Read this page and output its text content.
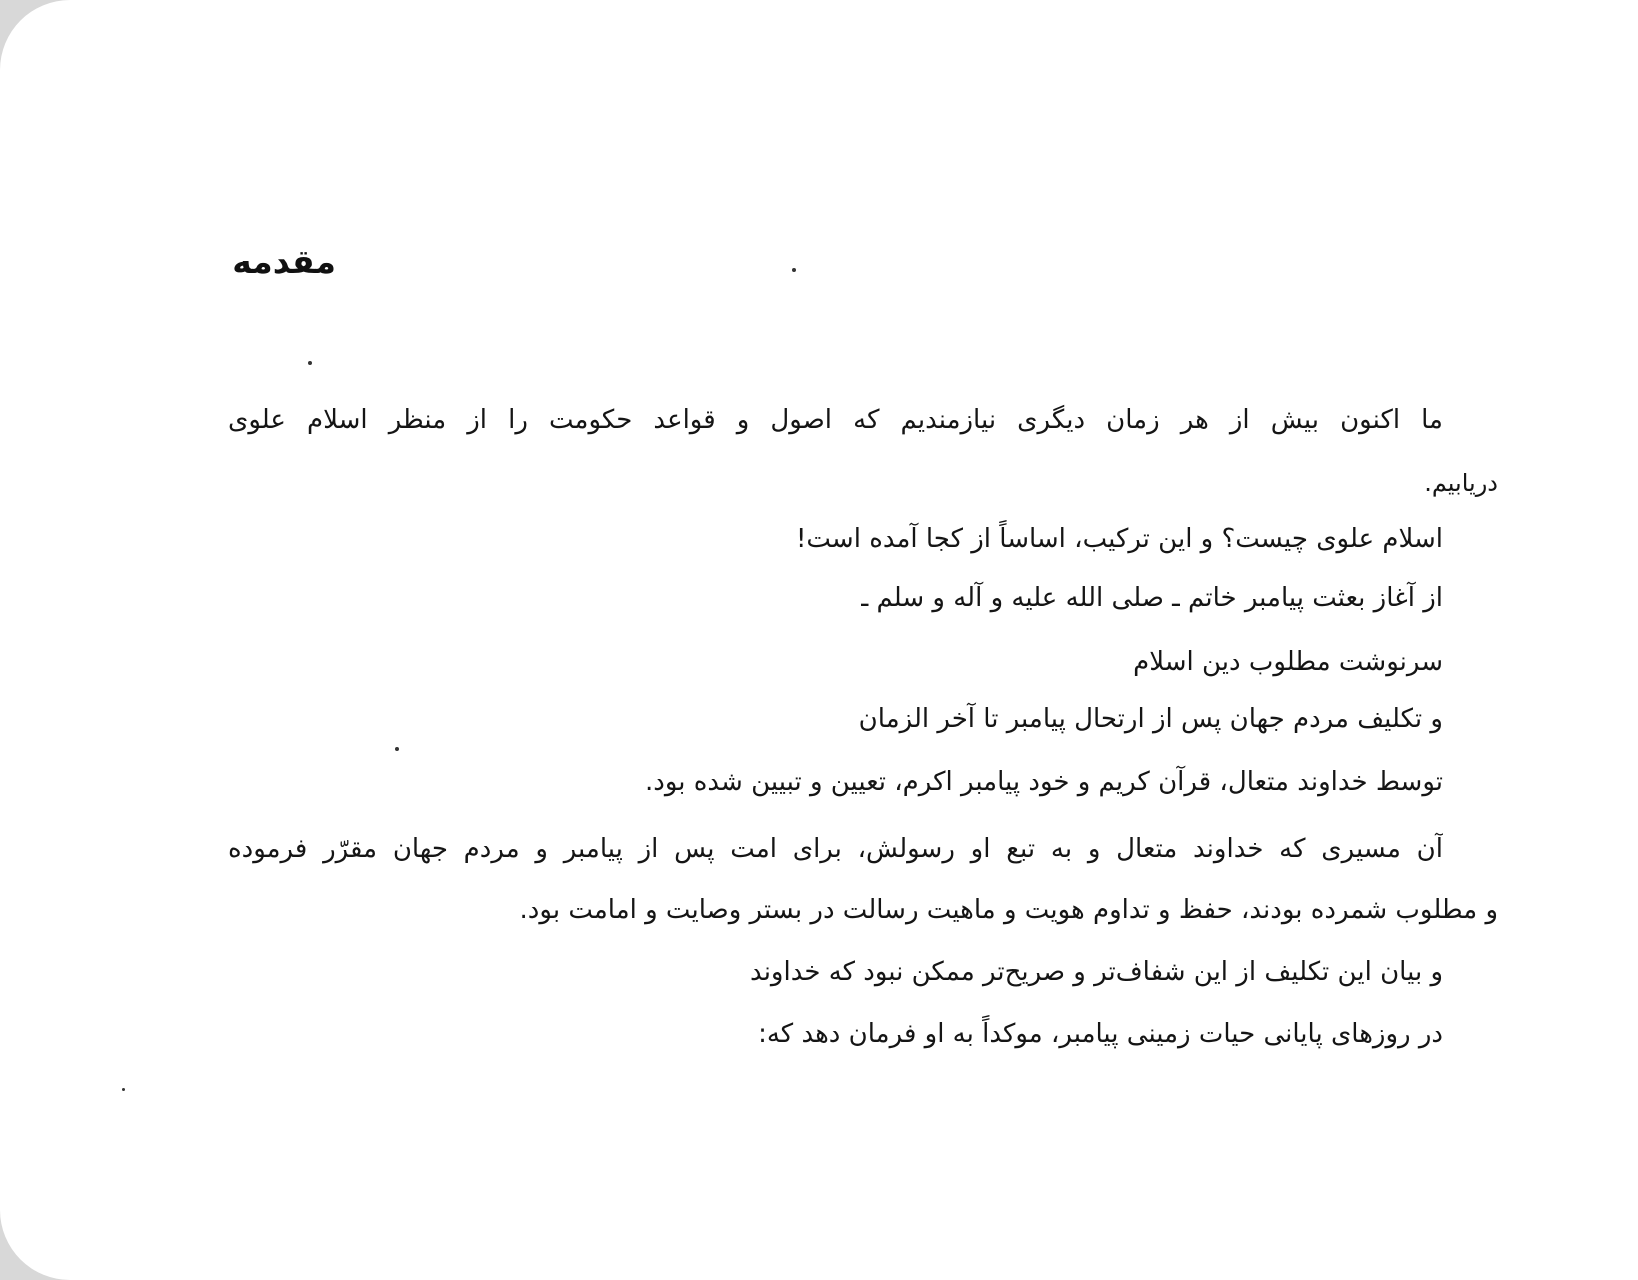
مقدمه

ما اکنون بیش از هر زمان دیگری نیازمندیم که اصول و قواعد حکومت را از منظر اسلام علوی

دریابیم.

اسلام علوی چیست؟ و این ترکیب، اساساً از کجا آمده است!

از آغاز بعثت پیامبر خاتم ـ صلی الله علیه و آله و سلم ـ

سرنوشت مطلوب دین اسلام

و تکلیف مردم جهان پس از ارتحال پیامبر تا آخر الزمان

توسط خداوند متعال، قرآن کریم و خود پیامبر اکرم، تعیین و تبیین شده بود.

آن مسیری که خداوند متعال و به تبع او رسولش، برای امت پس از پیامبر و مردم جهان مقرّر فرموده

و مطلوب شمرده بودند، حفظ و تداوم هویت و ماهیت رسالت در بستر وصایت و امامت بود.

و بیان این تکلیف از این شفاف‌تر و صریح‌تر ممکن نبود که خداوند

در روزهای پایانی حیات زمینی پیامبر، موکداً به او فرمان دهد که:
